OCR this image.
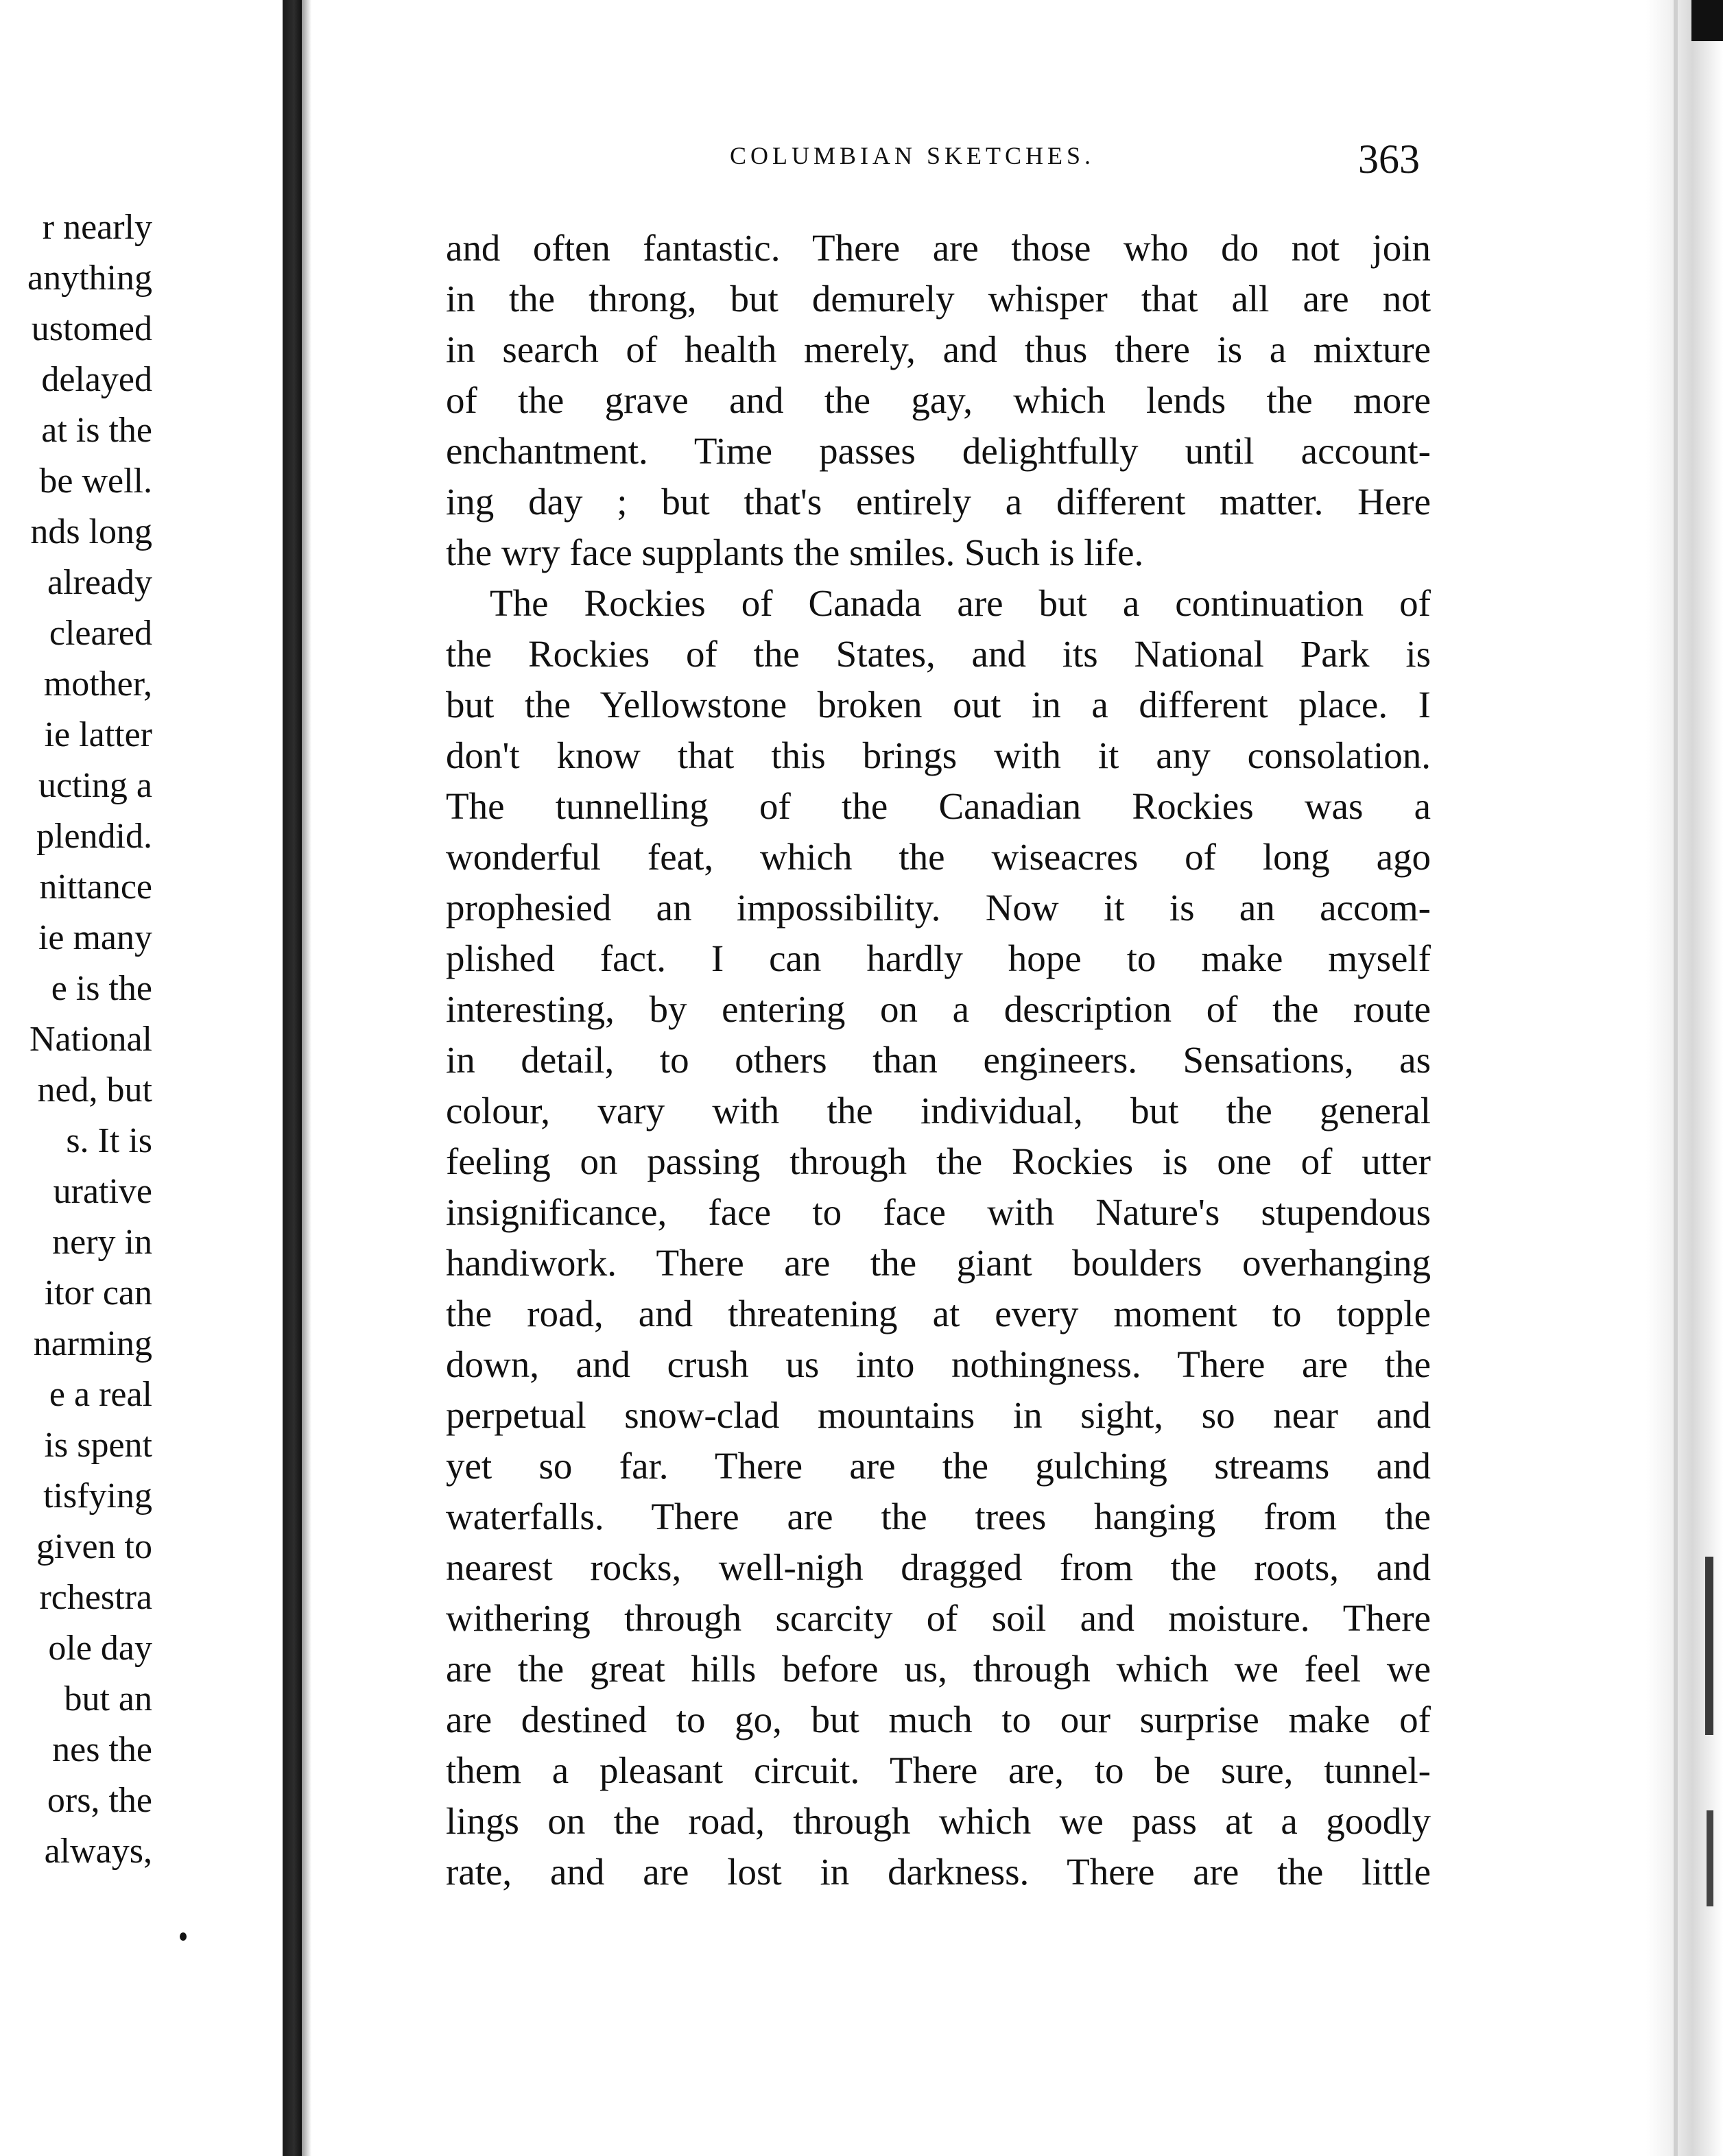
r nearly
anything
ustomed
delayed
at is the
be well.
nds long
already
cleared
mother,
ie latter
ucting a
plendid.
nittance
ie many
e is the
National
ned, but
s. It is
urative
nery in
itor can
narming
e a real
is spent
tisfying
given to
rchestra
ole day
but an
nes the
ors, the
always,
COLUMBIAN SKETCHES.	363
and often fantastic. There are those who do not join
in the throng, but demurely whisper that all are not
in search of health merely, and thus there is a mixture
of the grave and the gay, which lends the more
enchantment. Time passes delightfully until account-
ing day ; but that's entirely a different matter. Here
the wry face supplants the smiles. Such is life.
The Rockies of Canada are but a continuation of
the Rockies of the States, and its National Park is
but the Yellowstone broken out in a different place. I
don't know that this brings with it any consolation.
The tunnelling of the Canadian Rockies was a
wonderful feat, which the wiseacres of long ago
prophesied an impossibility. Now it is an accom-
plished fact. I can hardly hope to make myself
interesting, by entering on a description of the route
in detail, to others than engineers. Sensations, as
colour, vary with the individual, but the general
feeling on passing through the Rockies is one of utter
insignificance, face to face with Nature's stupendous
handiwork. There are the giant boulders overhanging
the road, and threatening at every moment to topple
down, and crush us into nothingness. There are the
perpetual snow-clad mountains in sight, so near and
yet so far. There are the gulching streams and
waterfalls. There are the trees hanging from the
nearest rocks, well-nigh dragged from the roots, and
withering through scarcity of soil and moisture. There
are the great hills before us, through which we feel we
are destined to go, but much to our surprise make of
them a pleasant circuit. There are, to be sure, tunnel-
lings on the road, through which we pass at a goodly
rate, and are lost in darkness. There are the little
